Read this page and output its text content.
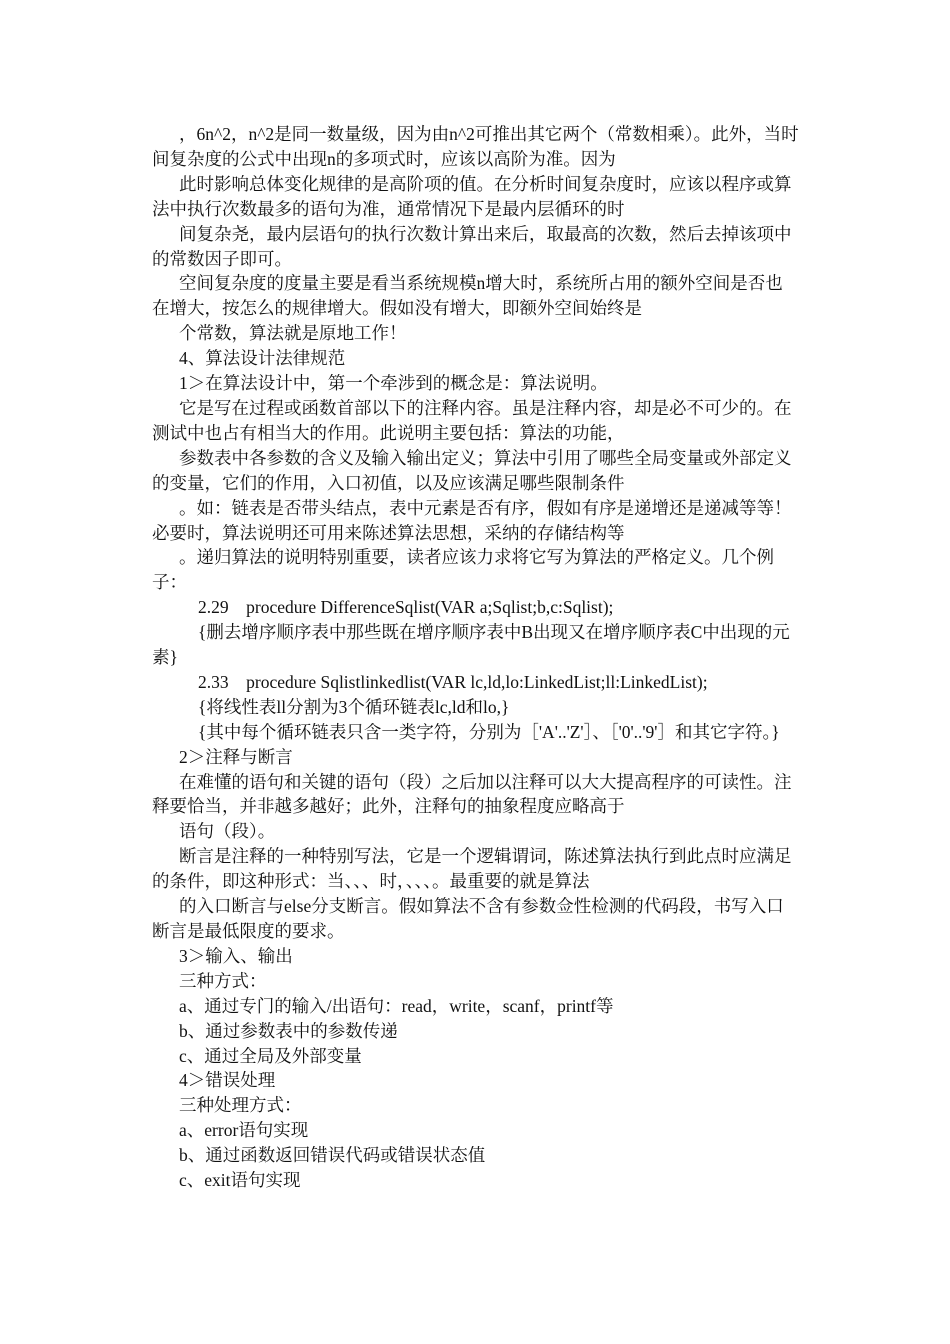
，6n^2，n^2是同一数量级，因为由n^2可推出其它两个（常数相乘）。此外，当时间复杂度的公式中出现n的多项式时，应该以高阶为准。因为

此时影响总体变化规律的是高阶项的值。在分析时间复杂度时，应该以程序或算法中执行次数最多的语句为准，通常情况下是最内层循环的时

间复杂尧，最内层语句的执行次数计算出来后，取最高的次数，然后去掉该项中的常数因子即可。

空间复杂度的度量主要是看当系统规模n增大时，系统所占用的额外空间是否也在增大，按怎么的规律增大。假如没有增大，即额外空间始终是

个常数，算法就是原地工作！

4、算法设计法律规范

1＞在算法设计中，第一个牵涉到的概念是：算法说明。

它是写在过程或函数首部以下的注释内容。虽是注释内容，却是必不可少的。在测试中也占有相当大的作用。此说明主要包括：算法的功能，

参数表中各参数的含义及输入输出定义；算法中引用了哪些全局变量或外部定义的变量，它们的作用，入口初值，以及应该满足哪些限制条件

。如：链表是否带头结点，表中元素是否有序，假如有序是递增还是递减等等！必要时，算法说明还可用来陈述算法思想，采纳的存储结构等

。递归算法的说明特别重要，读者应该力求将它写为算法的严格定义。几个例子：

2.29　procedure DifferenceSqlist(VAR a;Sqlist;b,c:Sqlist);

{删去增序顺序表中那些既在增序顺序表中B出现又在增序顺序表C中出现的元素}

2.33　procedure Sqlistlinkedlist(VAR lc,ld,lo:LinkedList;ll:LinkedList);

{将线性表ll分割为3个循环链表lc,ld和lo,}

{其中每个循环链表只含一类字符，分别为［'A'..'Z'］、［'0'..'9'］和其它字符。}

2＞注释与断言

在难懂的语句和关键的语句（段）之后加以注释可以大大提高程序的可读性。注释要恰当，并非越多越好；此外，注释句的抽象程度应略高于

语句（段）。

断言是注释的一种特别写法，它是一个逻辑谓词，陈述算法执行到此点时应满足的条件，即这种形式：当、、、时，、、、。最重要的就是算法

的入口断言与else分支断言。假如算法不含有参数佥性检测的代码段，书写入口断言是最低限度的要求。

3＞输入、输出

三种方式：

a、通过专门的输入/出语句：read，write，scanf，printf等

b、通过参数表中的参数传递

c、通过全局及外部变量

4＞错误处理

三种处理方式：

a、error语句实现

b、通过函数返回错误代码或错误状态值

c、exit语句实现
